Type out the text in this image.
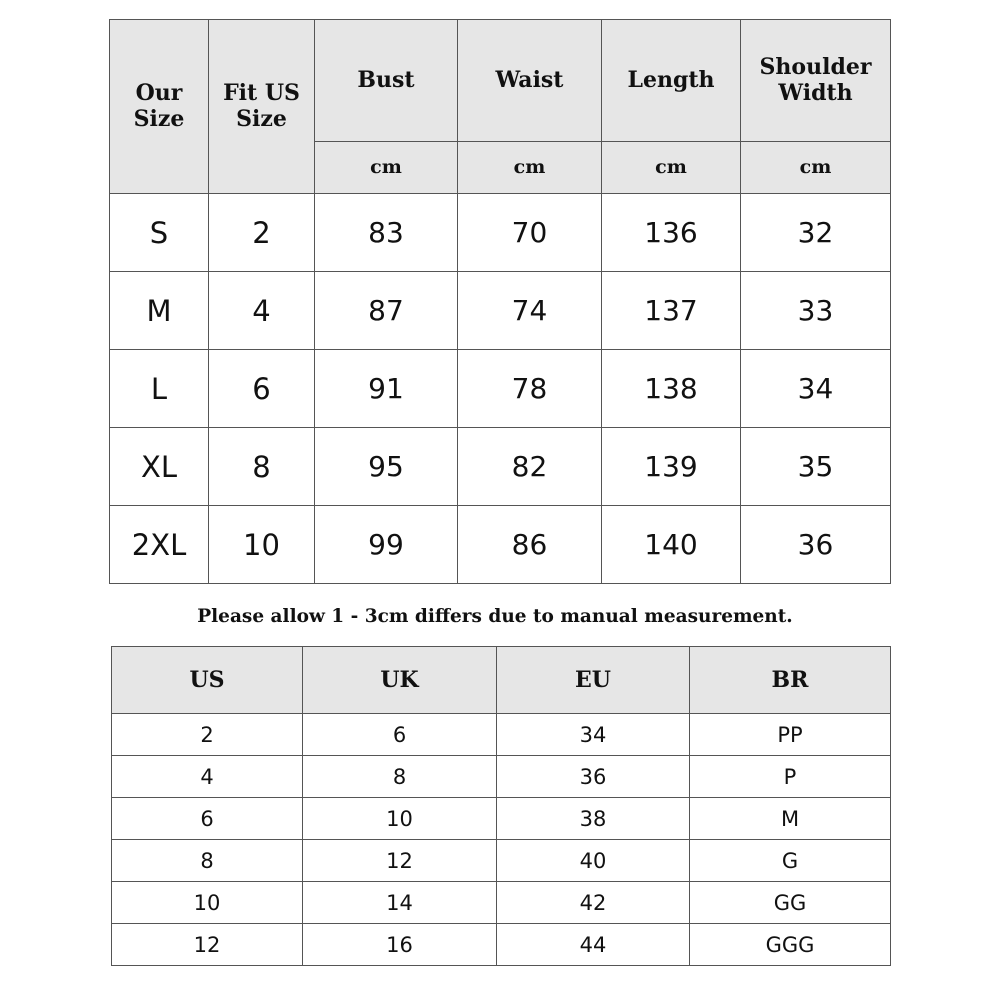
Our Size	Fit US Size	Bust	Waist	Length	Shoulder Width
		cm	cm	cm	cm
S	2	83	70	136	32
M	4	87	74	137	33
L	6	91	78	138	34
XL	8	95	82	139	35
2XL	10	99	86	140	36
Please allow 1 - 3cm differs due to manual measurement.
US	UK	EU	BR
2	6	34	PP
4	8	36	P
6	10	38	M
8	12	40	G
10	14	42	GG
12	16	44	GGG
